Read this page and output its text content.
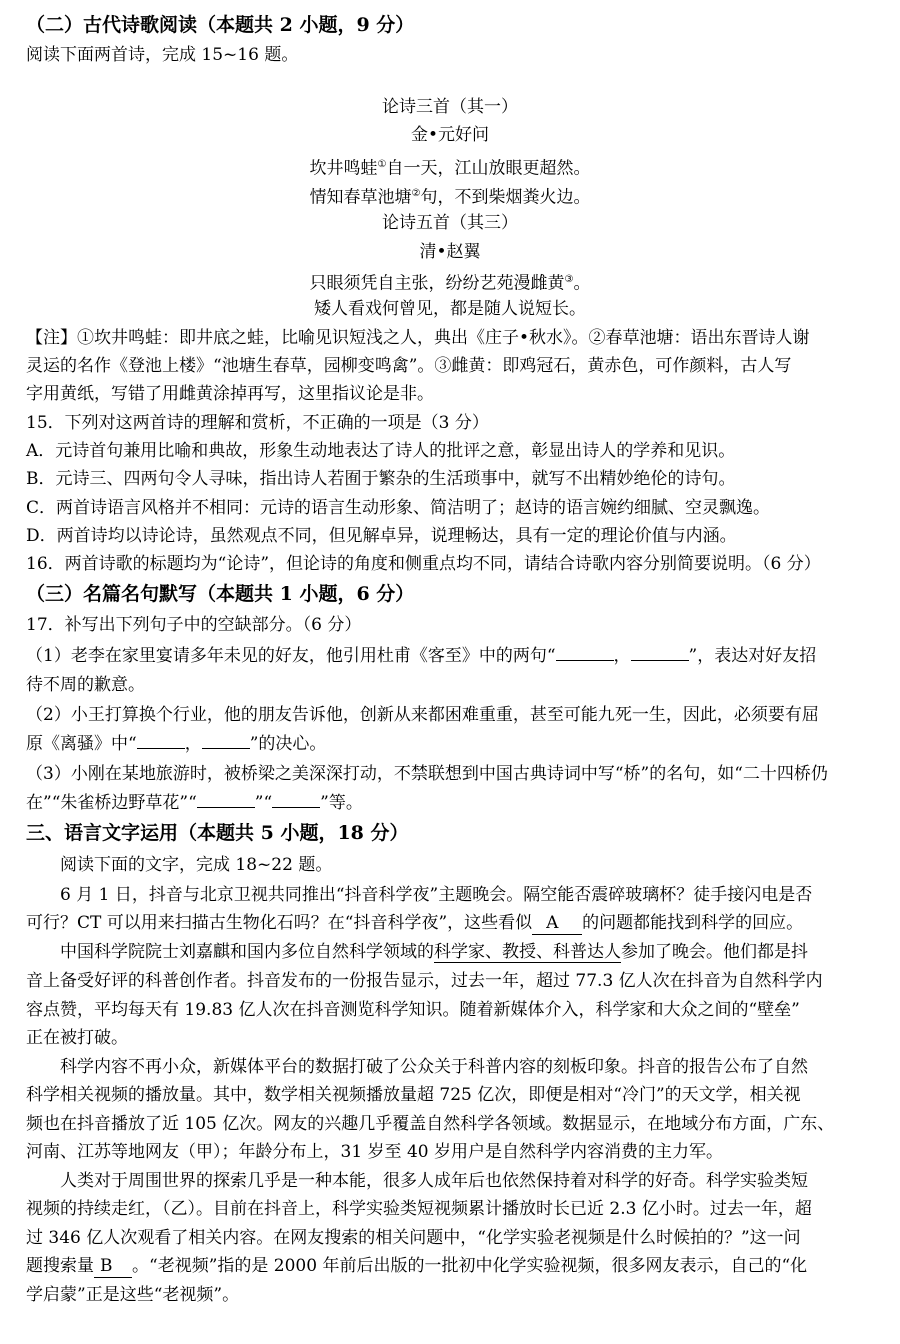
（二）古代诗歌阅读（本题共 2 小题，9 分）
阅读下面两首诗，完成 15~16 题。
论诗三首（其一）
金•元好问
坎井鸣蛙①自一天，江山放眼更超然。
情知春草池塘②句，不到柴烟粪火边。
论诗五首（其三）
清•赵翼
只眼须凭自主张，纷纷艺苑漫雌黄③。
矮人看戏何曾见，都是随人说短长。
【注】①坎井鸣蛙：即井底之蛙，比喻见识短浅之人，典出《庄子•秋水》。②春草池塘：语出东晋诗人谢
灵运的名作《登池上楼》“池塘生春草，园柳变鸣禽”。③雌黄：即鸡冠石，黄赤色，可作颜料，古人写
字用黄纸，写错了用雌黄涂掉再写，这里指议论是非。
15．下列对这两首诗的理解和赏析，不正确的一项是（3 分）
A．元诗首句兼用比喻和典故，形象生动地表达了诗人的批评之意，彰显出诗人的学养和见识。
B．元诗三、四两句令人寻味，指出诗人若囿于繁杂的生活琐事中，就写不出精妙绝伦的诗句。
C．两首诗语言风格并不相同：元诗的语言生动形象、简洁明了；赵诗的语言婉约细腻、空灵飘逸。
D．两首诗均以诗论诗，虽然观点不同，但见解卓异，说理畅达，具有一定的理论价值与内涵。
16．两首诗歌的标题均为“论诗”，但论诗的角度和侧重点均不同，请结合诗歌内容分别简要说明。（6 分）
（三）名篇名句默写（本题共 1 小题，6 分）
17．补写出下列句子中的空缺部分。（6 分）
（1）老李在家里宴请多年未见的好友，他引用杜甫《客至》中的两句“	，	”，表达对好友招
待不周的歉意。
（2）小王打算换个行业，他的朋友告诉他，创新从来都困难重重，甚至可能九死一生，因此，必须要有屈
原《离骚》中“	，	”的决心。
（3）小刚在某地旅游时，被桥梁之美深深打动，不禁联想到中国古典诗词中写“桥”的名句，如“二十四桥仍
在”“朱雀桥边野草花”“	”“	”等。
三、语言文字运用（本题共 5 小题，18 分）
阅读下面的文字，完成 18~22 题。
6 月 1 日，抖音与北京卫视共同推出“抖音科学夜”主题晚会。隔空能否震碎玻璃杯？徒手接闪电是否
可行？CT 可以用来扫描古生物化石吗？在“抖音科学夜”，这些看似 A 的问题都能找到科学的回应。
中国科学院院士刘嘉麒和国内多位自然科学领域的科学家、教授、科普达人参加了晚会。他们都是抖
音上备受好评的科普创作者。抖音发布的一份报告显示，过去一年，超过 77.3 亿人次在抖音为自然科学内
容点赞，平均每天有 19.83 亿人次在抖音测览科学知识。随着新媒体介入，科学家和大众之间的“壁垒”
正在被打破。
科学内容不再小众，新媒体平台的数据打破了公众关于科普内容的刻板印象。抖音的报告公布了自然
科学相关视频的播放量。其中，数学相关视频播放量超 725 亿次，即便是相对“冷门”的天文学，相关视
频也在抖音播放了近 105 亿次。网友的兴趣几乎覆盖自然科学各领域。数据显示，在地域分布方面，广东、
河南、江苏等地网友（甲）；年龄分布上，31 岁至 40 岁用户是自然科学内容消费的主力军。
人类对于周围世界的探索几乎是一种本能，很多人成年后也依然保持着对科学的好奇。科学实验类短
视频的持续走红，（乙）。目前在抖音上，科学实验类短视频累计播放时长已近 2.3 亿小时。过去一年，超
过 346 亿人次观看了相关内容。在网友搜索的相关问题中，“化学实验老视频是什么时候拍的？”这一问
题搜索量 B 。“老视频”指的是 2000 年前后出版的一批初中化学实验视频，很多网友表示，自己的“化
学启蒙”正是这些“老视频”。
